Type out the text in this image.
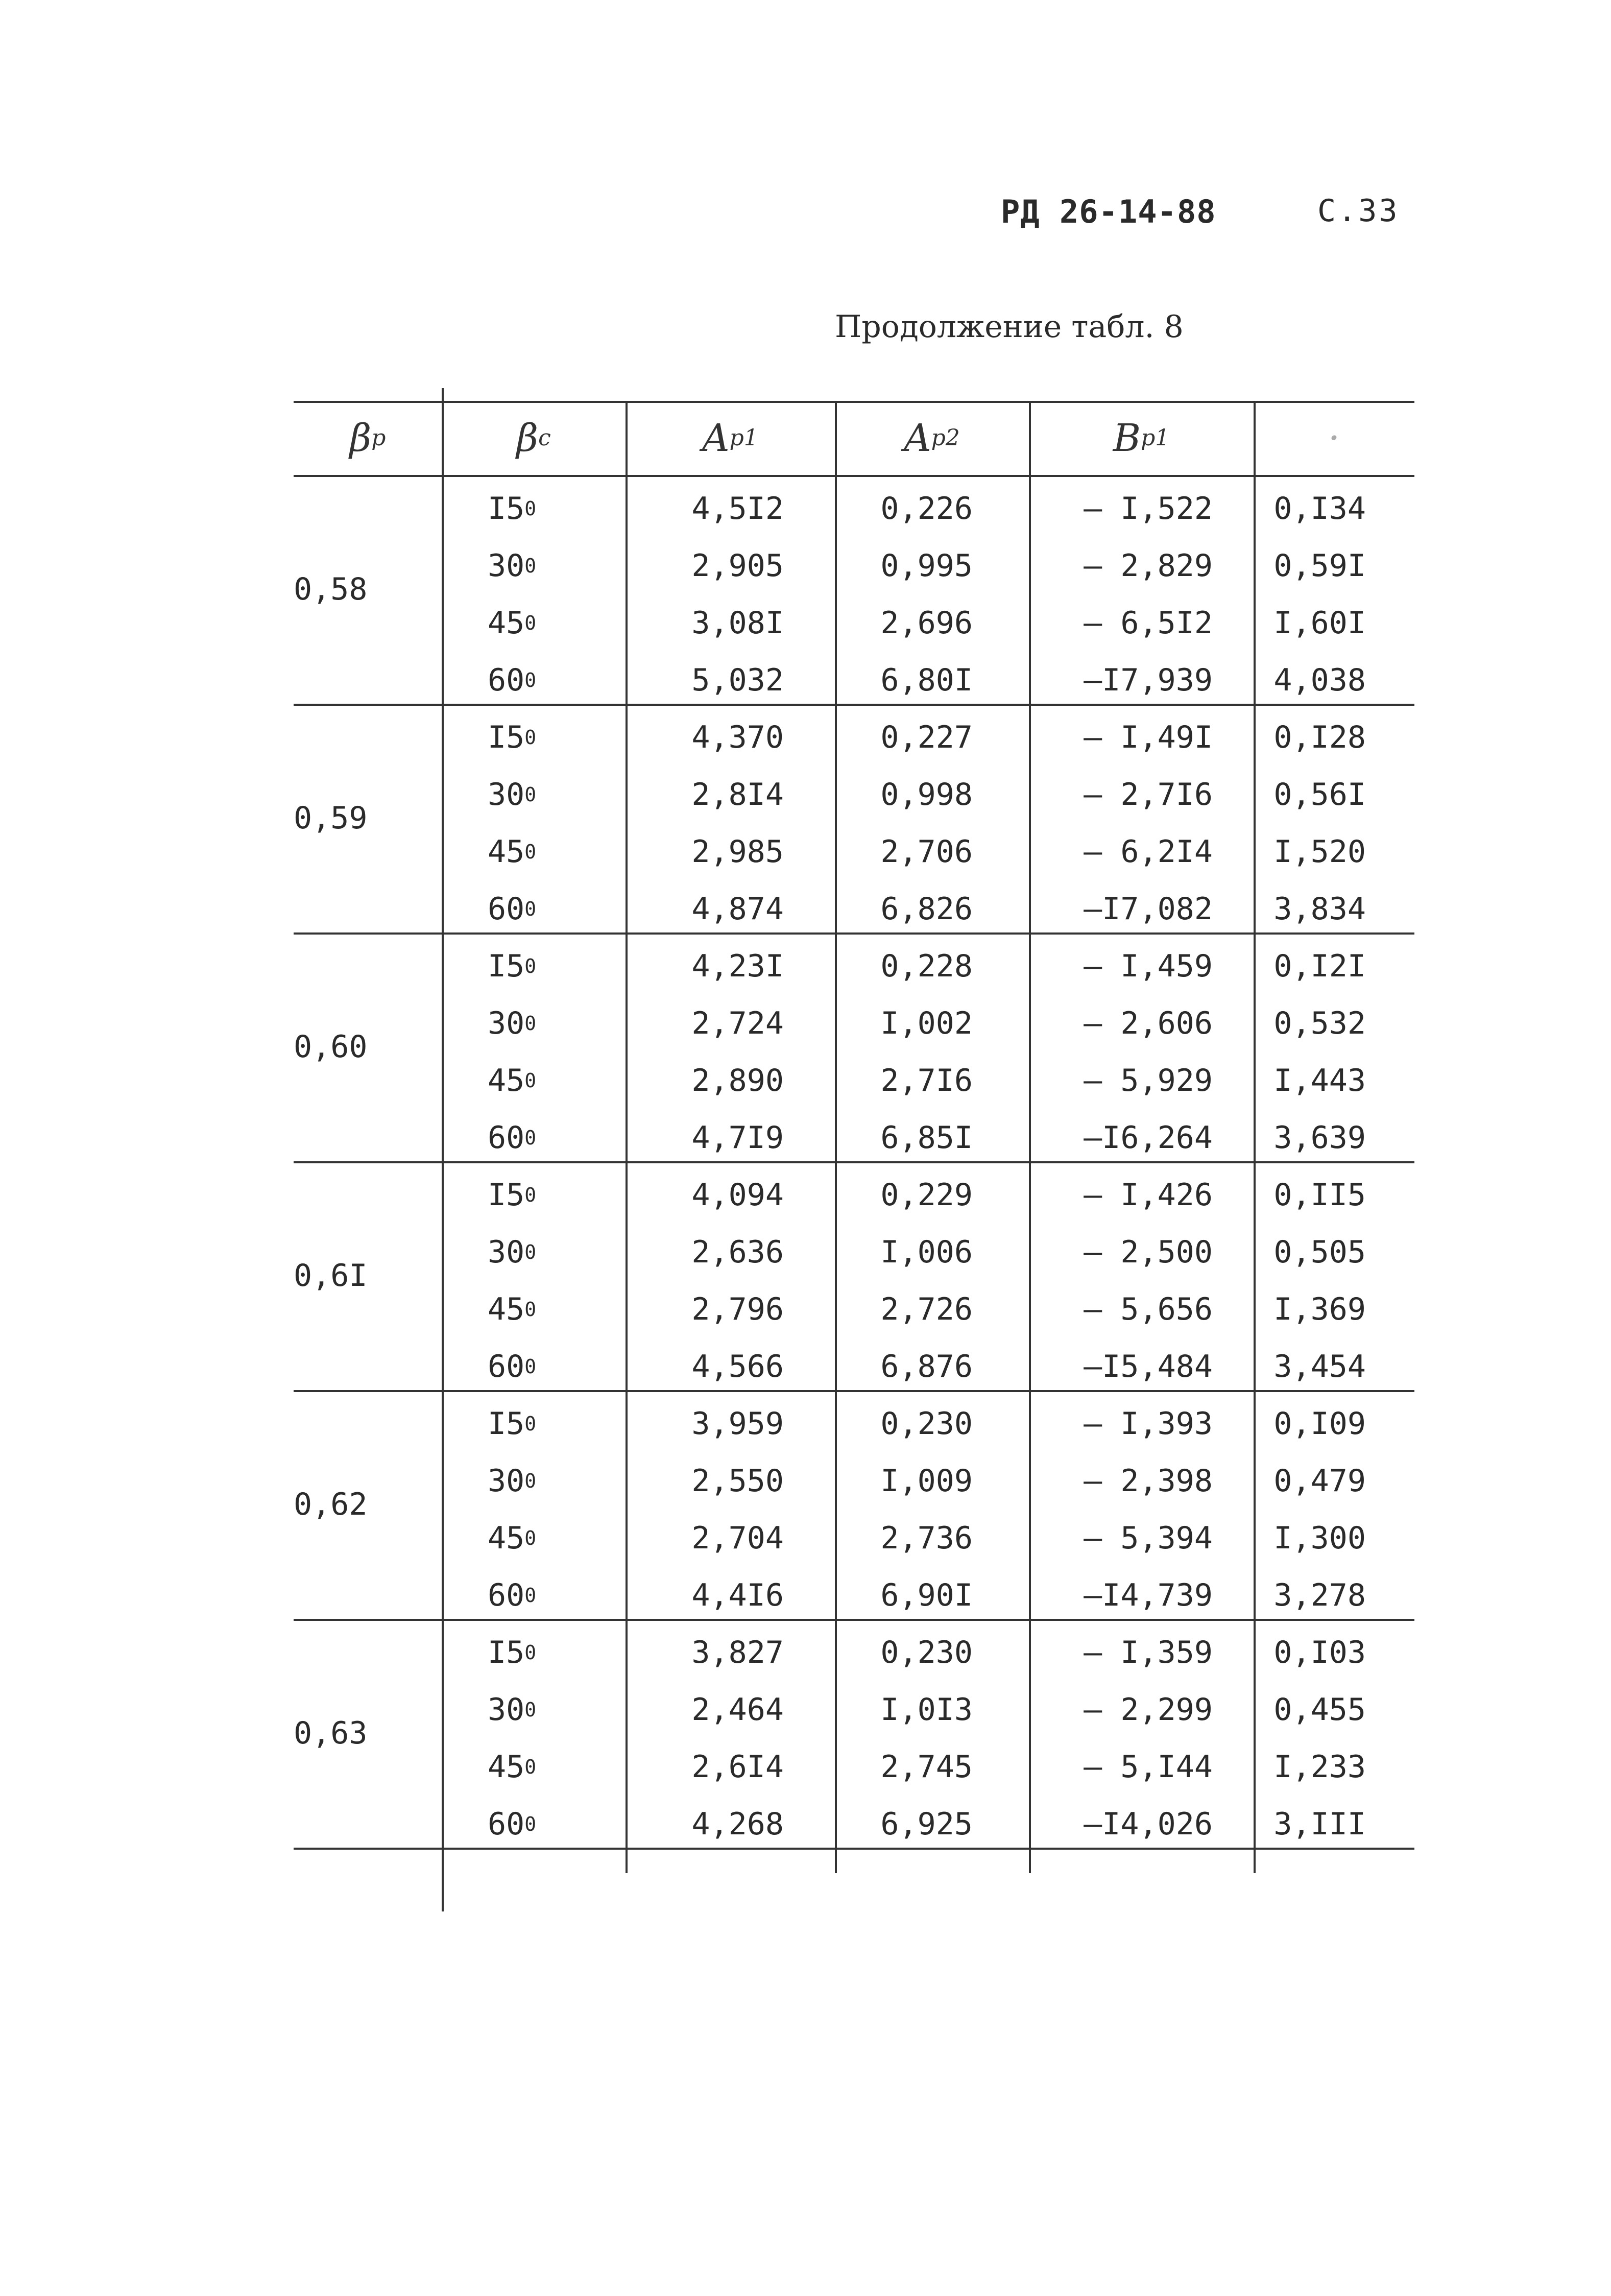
РД 26-14-88	С.33
Продолжение табл. 8
β р	β с	A р1	A р2	B р1	·
0,58
I5 0	4,5I2	0,226	– I,522	0,I34
30 0	2,905	0,995	– 2,829	0,59I
45 0	3,08I	2,696	– 6,5I2	I,60I
60 0	5,032	6,80I	–I7,939	4,038
0,59
I5 0	4,370	0,227	– I,49I	0,I28
30 0	2,8I4	0,998	– 2,7I6	0,56I
45 0	2,985	2,706	– 6,2I4	I,520
60 0	4,874	6,826	–I7,082	3,834
0,60
I5 0	4,23I	0,228	– I,459	0,I2I
30 0	2,724	I,002	– 2,606	0,532
45 0	2,890	2,7I6	– 5,929	I,443
60 0	4,7I9	6,85I	–I6,264	3,639
0,6I
I5 0	4,094	0,229	– I,426	0,II5
30 0	2,636	I,006	– 2,500	0,505
45 0	2,796	2,726	– 5,656	I,369
60 0	4,566	6,876	–I5,484	3,454
0,62
I5 0	3,959	0,230	– I,393	0,I09
30 0	2,550	I,009	– 2,398	0,479
45 0	2,704	2,736	– 5,394	I,300
60 0	4,4I6	6,90I	–I4,739	3,278
0,63
I5 0	3,827	0,230	– I,359	0,I03
30 0	2,464	I,0I3	– 2,299	0,455
45 0	2,6I4	2,745	– 5,I44	I,233
60 0	4,268	6,925	–I4,026	3,III
